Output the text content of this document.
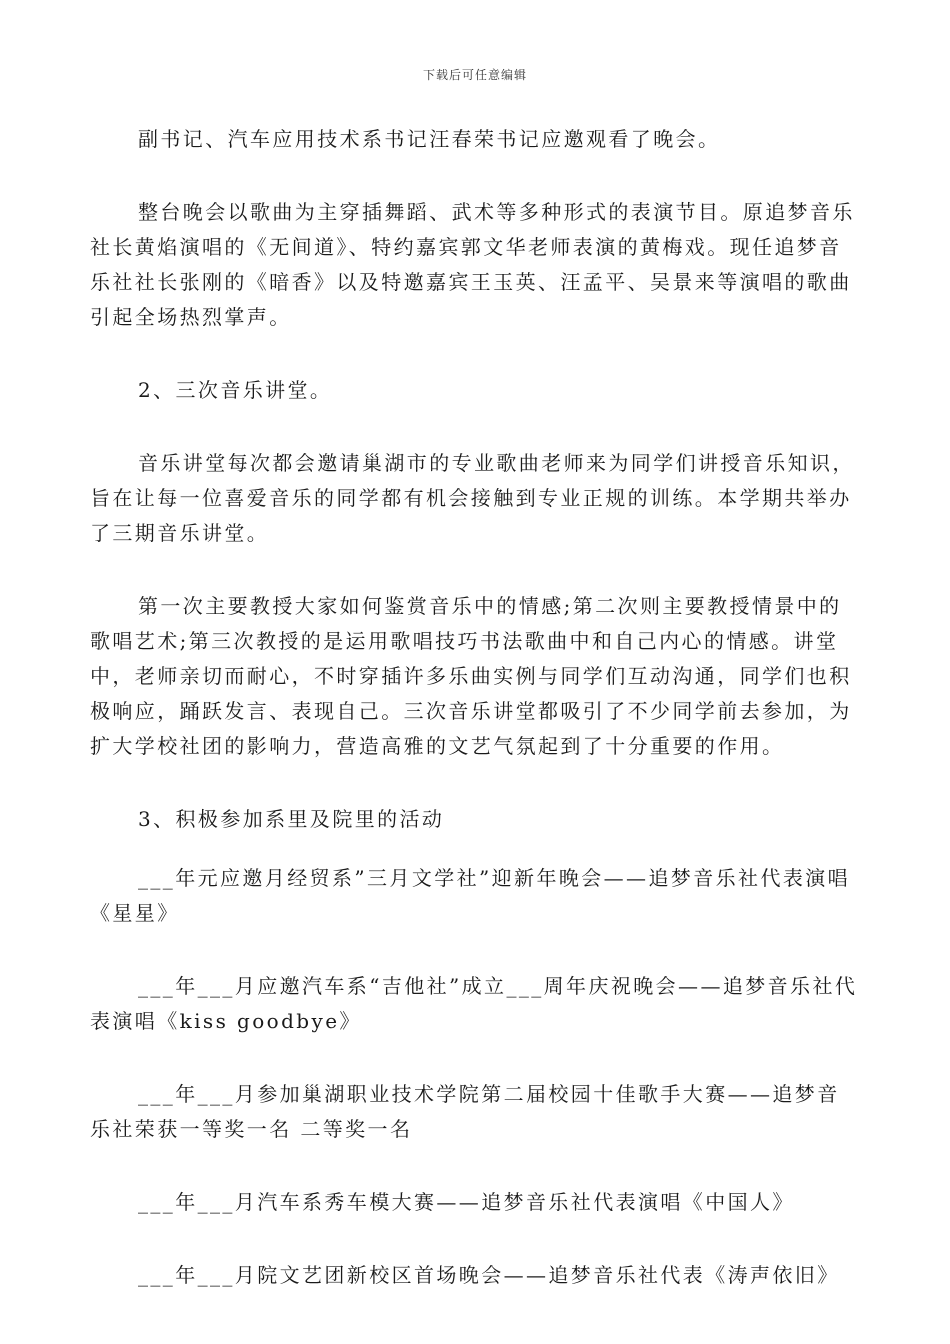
下载后可任意编辑

副书记、汽车应用技术系书记汪春荣书记应邀观看了晚会。

整台晚会以歌曲为主穿插舞蹈、武术等多种形式的表演节目。原追梦音乐社长黄焰演唱的《无间道》、特约嘉宾郭文华老师表演的黄梅戏。现任追梦音乐社社长张刚的《暗香》以及特邀嘉宾王玉英、汪孟平、吴景来等演唱的歌曲引起全场热烈掌声。

2、三次音乐讲堂。

音乐讲堂每次都会邀请巢湖市的专业歌曲老师来为同学们讲授音乐知识，旨在让每一位喜爱音乐的同学都有机会接触到专业正规的训练。本学期共举办了三期音乐讲堂。

第一次主要教授大家如何鉴赏音乐中的情感;第二次则主要教授情景中的歌唱艺术;第三次教授的是运用歌唱技巧书法歌曲中和自己内心的情感。讲堂中，老师亲切而耐心，不时穿插许多乐曲实例与同学们互动沟通，同学们也积极响应，踊跃发言、表现自己。三次音乐讲堂都吸引了不少同学前去参加，为扩大学校社团的影响力，营造高雅的文艺气氛起到了十分重要的作用。

3、积极参加系里及院里的活动

___年元应邀月经贸系”三月文学社”迎新年晚会——追梦音乐社代表演唱《星星》

___年___月应邀汽车系“吉他社”成立___周年庆祝晚会——追梦音乐社代表演唱《kiss goodbye》

___年___月参加巢湖职业技术学院第二届校园十佳歌手大赛——追梦音乐社荣获一等奖一名 二等奖一名

___年___月汽车系秀车模大赛——追梦音乐社代表演唱《中国人》

___年___月院文艺团新校区首场晚会——追梦音乐社代表《涛声依旧》
